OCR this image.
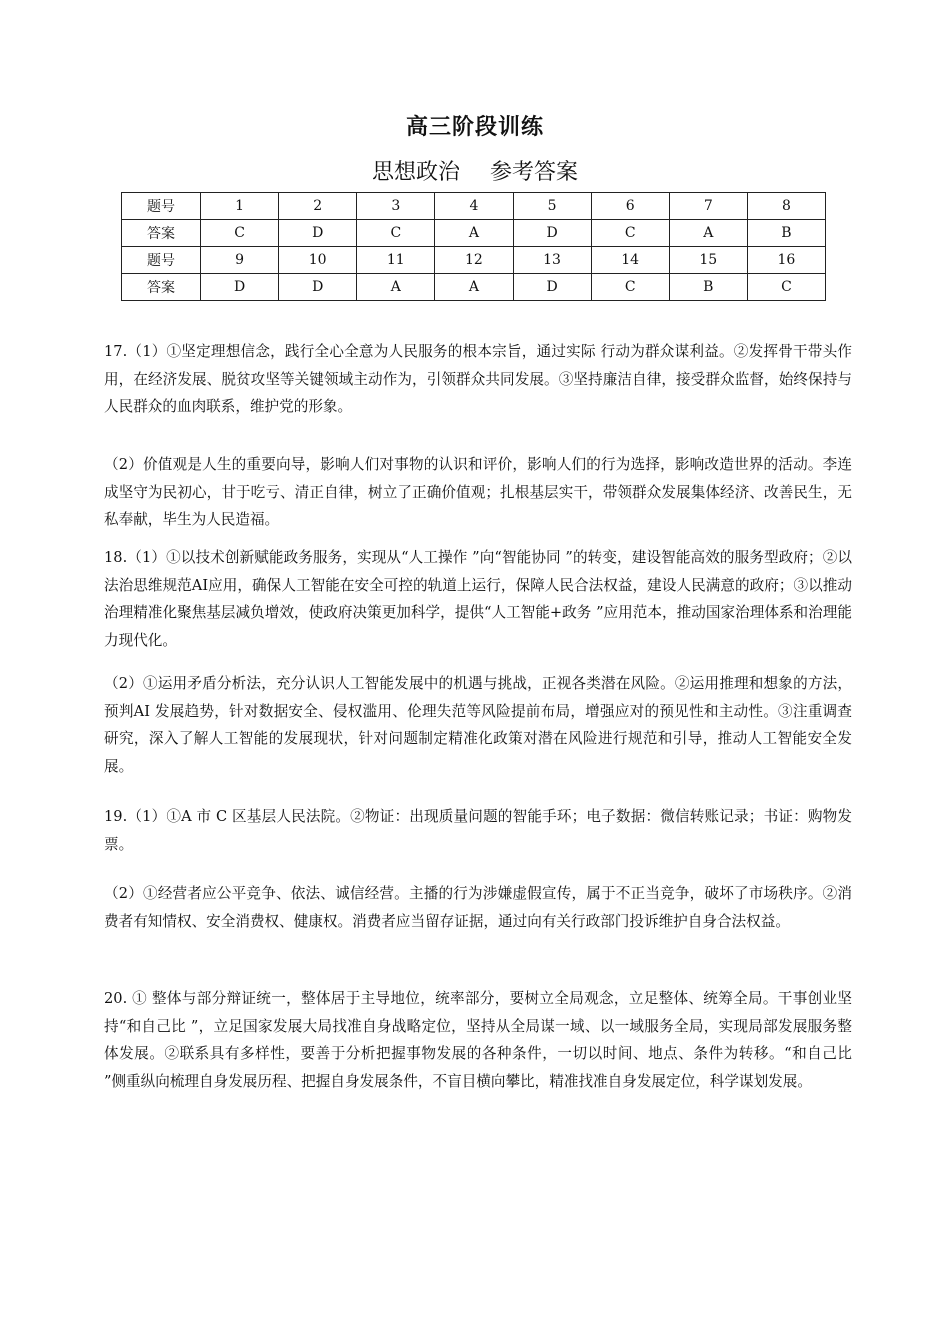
高三阶段训练
思想政治 参考答案
题号	1	2	3	4	5	6	7	8
答案	C	D	C	A	D	C	A	B
题号	9	10	11	12	13	14	15	16
答案	D	D	A	A	D	C	B	C

17.（1）①坚定理想信念，践行全心全意为人民服务的根本宗旨，通过实际 行动为群众谋利益。②发挥骨干带头作用，在经济发展、脱贫攻坚等关键领域主动作为，引领群众共同发展。③坚持廉洁自律，接受群众监督，始终保持与人民群众的血肉联系，维护党的形象。

（2）价值观是人生的重要向导，影响人们对事物的认识和评价，影响人们的行为选择，影响改造世界的活动。李连成坚守为民初心，甘于吃亏、清正自律，树立了正确价值观；扎根基层实干，带领群众发展集体经济、改善民生，无私奉献，毕生为人民造福。

18.（1）①以技术创新赋能政务服务，实现从“人工操作 ”向“智能协同 ”的转变，建设智能高效的服务型政府；②以法治思维规范AI应用，确保人工智能在安全可控的轨道上运行，保障人民合法权益，建设人民满意的政府；③以推动治理精准化聚焦基层减负增效，使政府决策更加科学，提供“人工智能+政务 ”应用范本，推动国家治理体系和治理能力现代化。

（2）①运用矛盾分析法，充分认识人工智能发展中的机遇与挑战，正视各类潜在风险。②运用推理和想象的方法，预判AI 发展趋势，针对数据安全、侵权滥用、伦理失范等风险提前布局，增强应对的预见性和主动性。③注重调查研究，深入了解人工智能的发展现状，针对问题制定精准化政策对潜在风险进行规范和引导，推动人工智能安全发展。

19.（1）①A 市 C 区基层人民法院。②物证：出现质量问题的智能手环；电子数据：微信转账记录；书证：购物发票。

（2）①经营者应公平竞争、依法、诚信经营。主播的行为涉嫌虚假宣传，属于不正当竞争，破坏了市场秩序。②消费者有知情权、安全消费权、健康权。消费者应当留存证据，通过向有关行政部门投诉维护自身合法权益。

20. ① 整体与部分辩证统一，整体居于主导地位，统率部分，要树立全局观念，立足整体、统筹全局。干事创业坚持“和自己比 ”，立足国家发展大局找准自身战略定位，坚持从全局谋一域、以一域服务全局，实现局部发展服务整体发展。②联系具有多样性，要善于分析把握事物发展的各种条件，一切以时间、地点、条件为转移。“和自己比 ”侧重纵向梳理自身发展历程、把握自身发展条件，不盲目横向攀比，精准找准自身发展定位，科学谋划发展。
